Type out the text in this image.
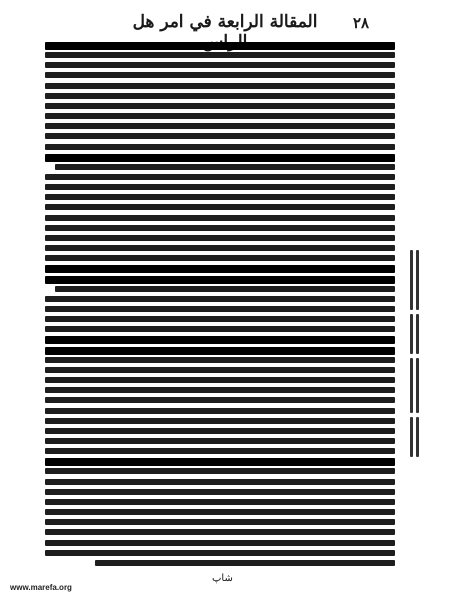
المقالة الرابعة في امر هل	٢٨
شاپ
www.marefa.org
